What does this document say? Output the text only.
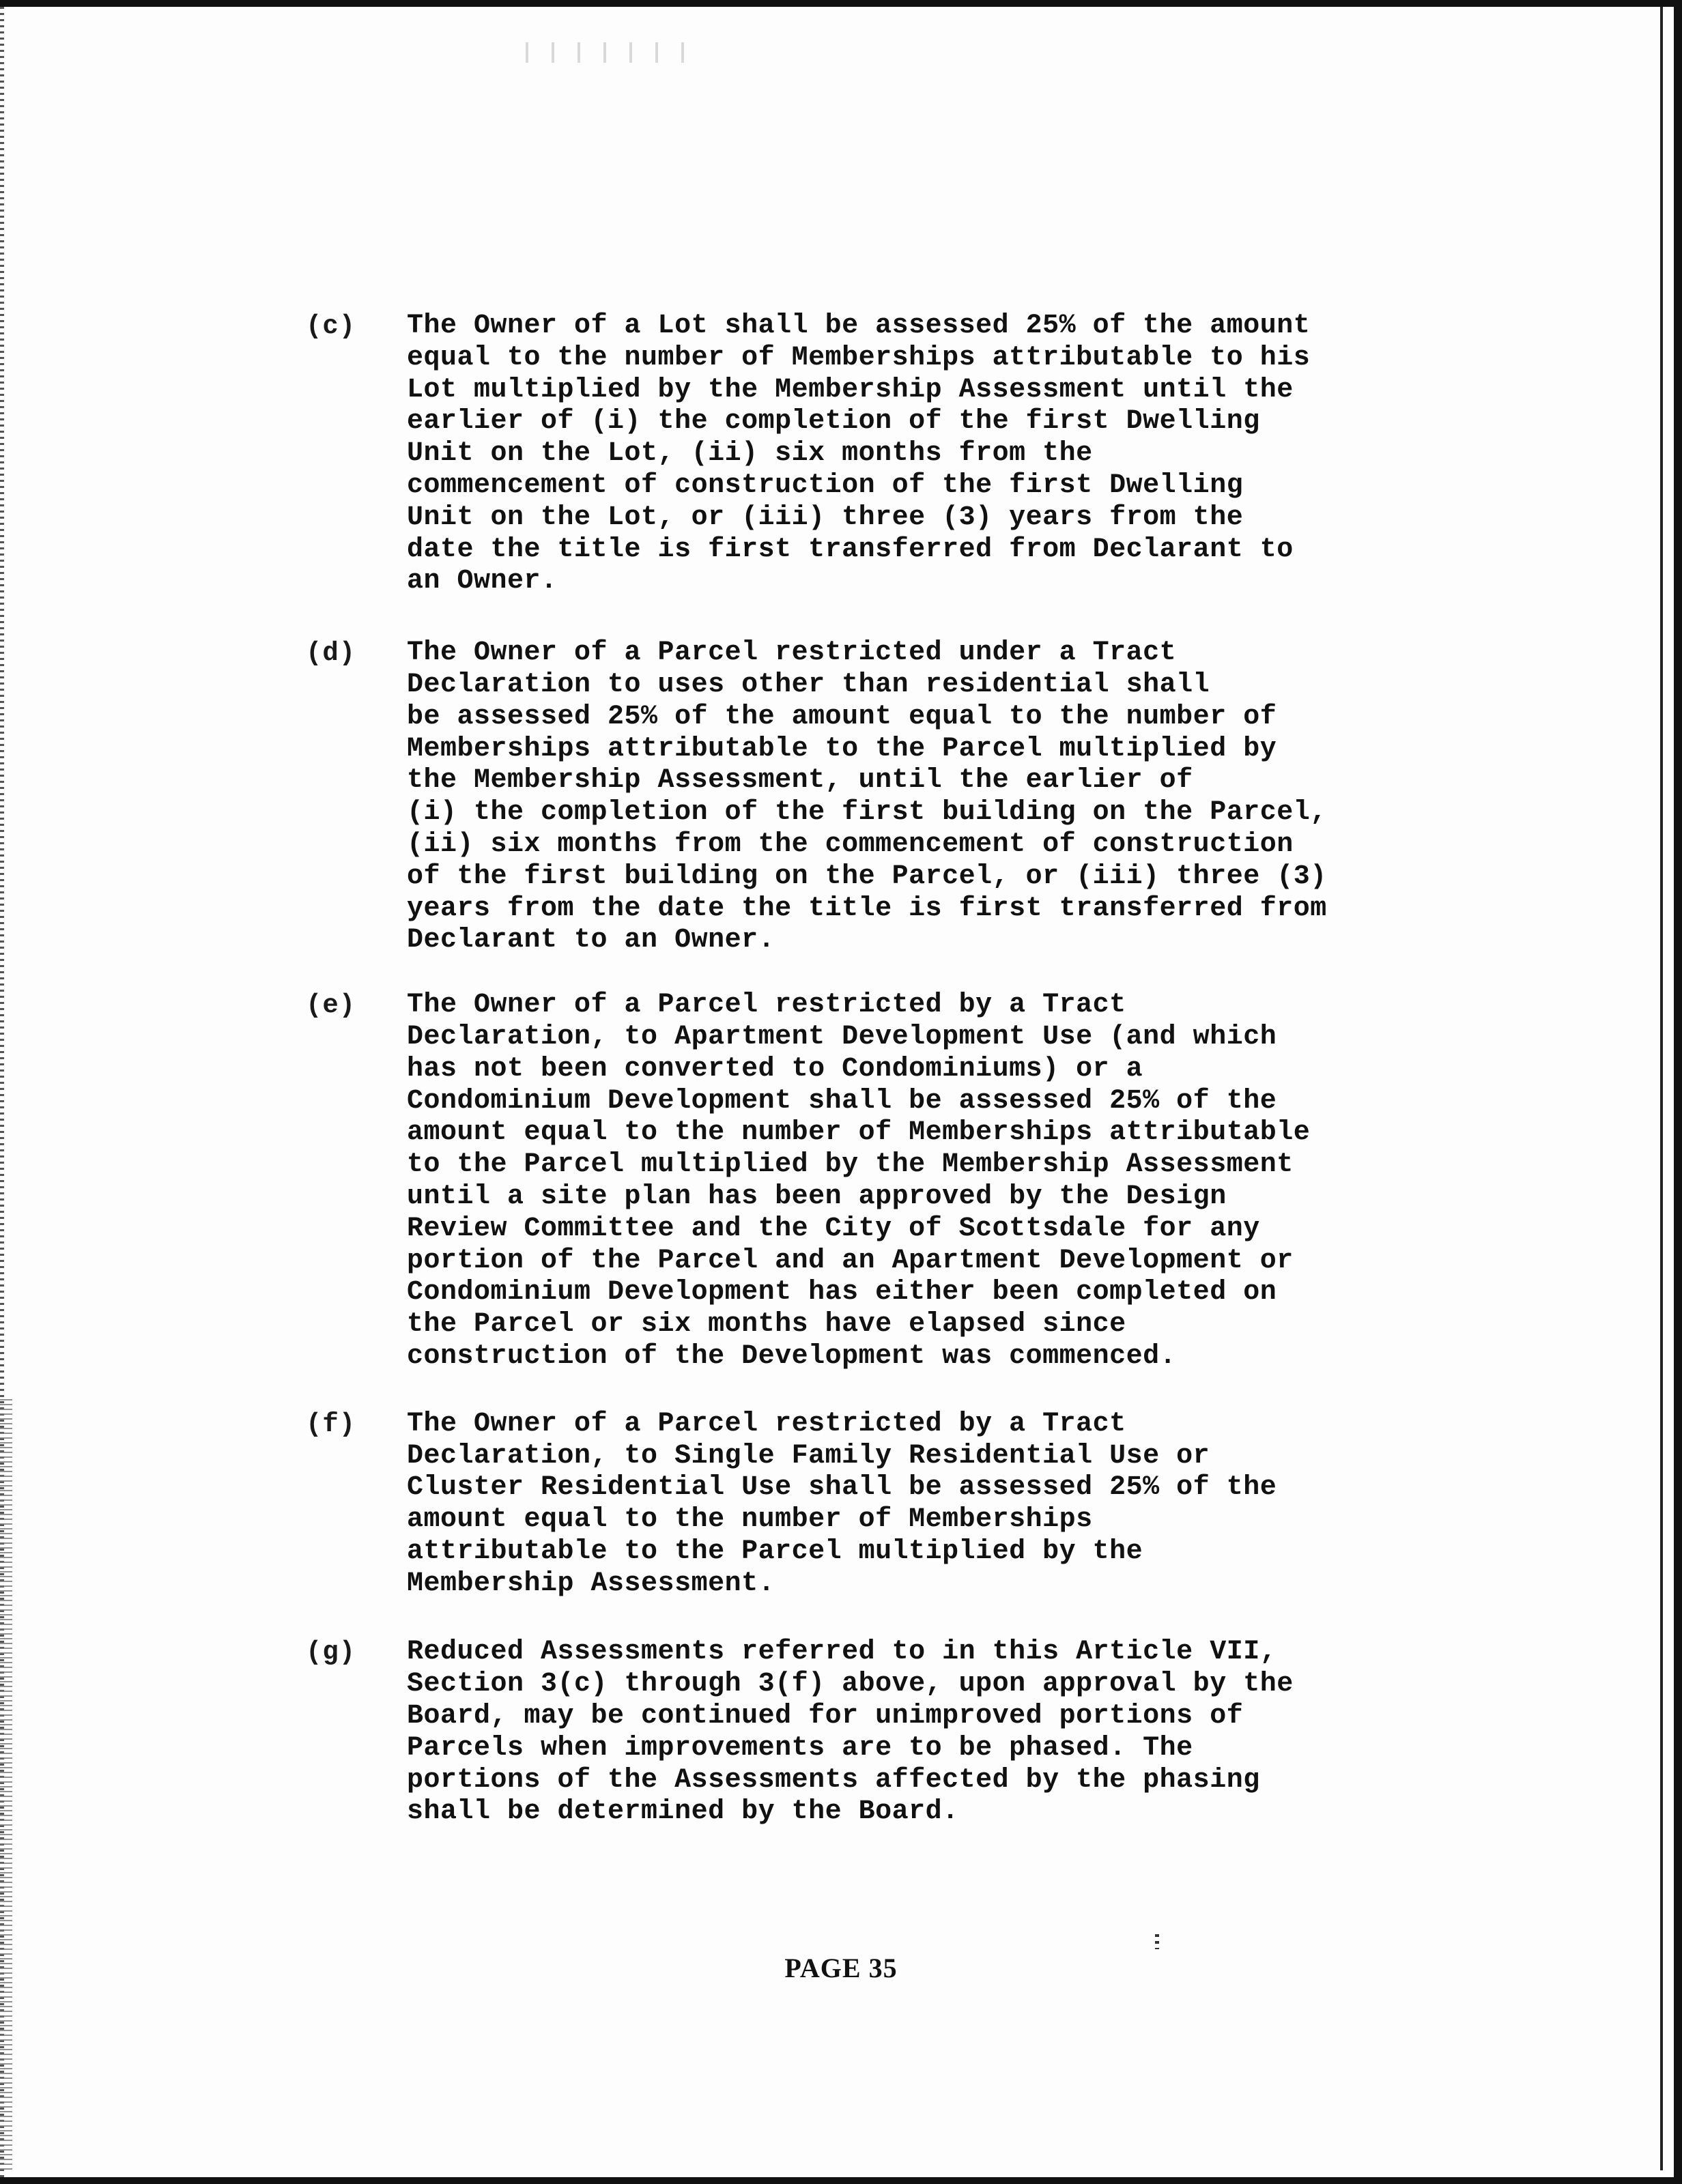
(c)	The Owner of a Lot shall be assessed 25% of the amount
equal to the number of Memberships attributable to his
Lot multiplied by the Membership Assessment until the
earlier of (i) the completion of the first Dwelling
Unit on the Lot, (ii) six months from the
commencement of construction of the first Dwelling
Unit on the Lot, or (iii) three (3) years from the
date the title is first transferred from Declarant to
an Owner.
(d)	The Owner of a Parcel restricted under a Tract
Declaration to uses other than residential shall
be assessed 25% of the amount equal to the number of
Memberships attributable to the Parcel multiplied by
the Membership Assessment, until the earlier of
(i) the completion of the first building on the Parcel,
(ii) six months from the commencement of construction
of the first building on the Parcel, or (iii) three (3)
years from the date the title is first transferred from
Declarant to an Owner.
(e)	The Owner of a Parcel restricted by a Tract
Declaration, to Apartment Development Use (and which
has not been converted to Condominiums) or a
Condominium Development shall be assessed 25% of the
amount equal to the number of Memberships attributable
to the Parcel multiplied by the Membership Assessment
until a site plan has been approved by the Design
Review Committee and the City of Scottsdale for any
portion of the Parcel and an Apartment Development or
Condominium Development has either been completed on
the Parcel or six months have elapsed since
construction of the Development was commenced.
(f)	The Owner of a Parcel restricted by a Tract
Declaration, to Single Family Residential Use or
Cluster Residential Use shall be assessed 25% of the
amount equal to the number of Memberships
attributable to the Parcel multiplied by the
Membership Assessment.
(g)	Reduced Assessments referred to in this Article VII,
Section 3(c) through 3(f) above, upon approval by the
Board, may be continued for unimproved portions of
Parcels when improvements are to be phased. The
portions of the Assessments affected by the phasing
shall be determined by the Board.
PAGE 35
